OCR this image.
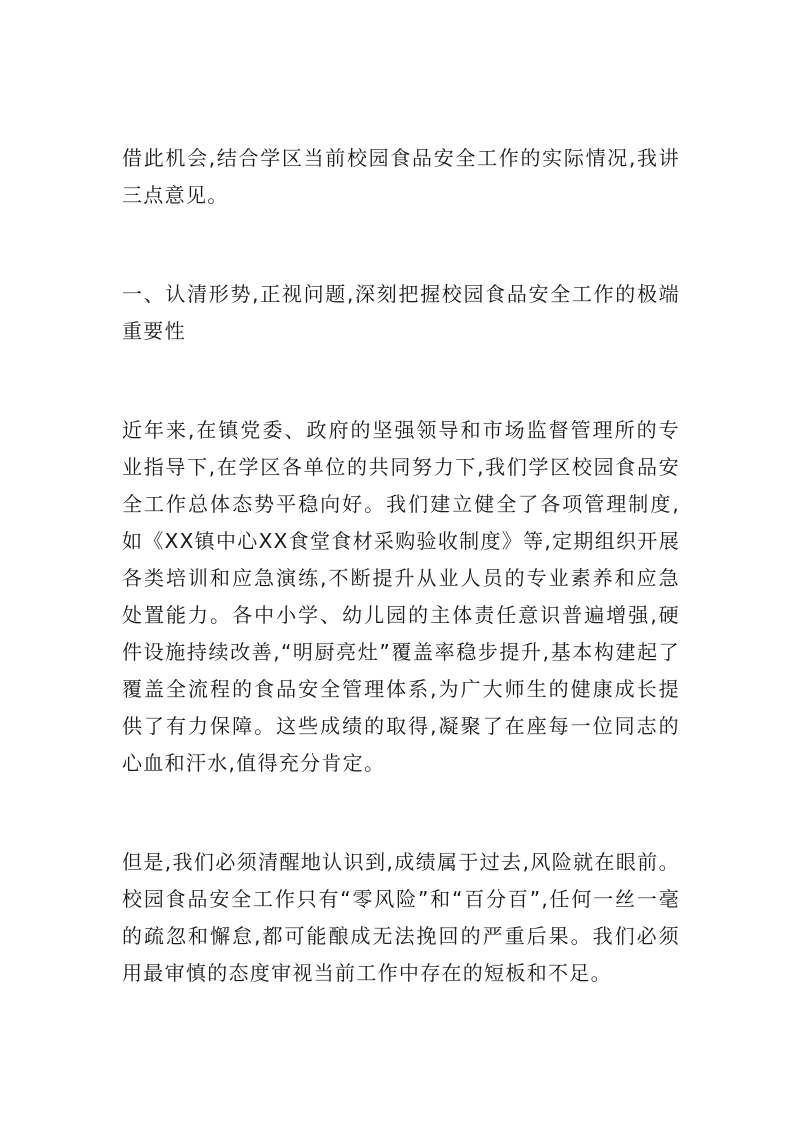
借此机会,结合学区当前校园食品安全工作的实际情况,我讲三点意见。

一、认清形势,正视问题,深刻把握校园食品安全工作的极端重要性

近年来,在镇党委、政府的坚强领导和市场监督管理所的专业指导下,在学区各单位的共同努力下,我们学区校园食品安全工作总体态势平稳向好。我们建立健全了各项管理制度,如《XX镇中心XX食堂食材采购验收制度》等,定期组织开展各类培训和应急演练,不断提升从业人员的专业素养和应急处置能力。各中小学、幼儿园的主体责任意识普遍增强,硬件设施持续改善,“明厨亮灶”覆盖率稳步提升,基本构建起了覆盖全流程的食品安全管理体系,为广大师生的健康成长提供了有力保障。这些成绩的取得,凝聚了在座每一位同志的心血和汗水,值得充分肯定。

但是,我们必须清醒地认识到,成绩属于过去,风险就在眼前。校园食品安全工作只有“零风险”和“百分百”,任何一丝一毫的疏忽和懈怠,都可能酿成无法挽回的严重后果。我们必须用最审慎的态度审视当前工作中存在的短板和不足。
